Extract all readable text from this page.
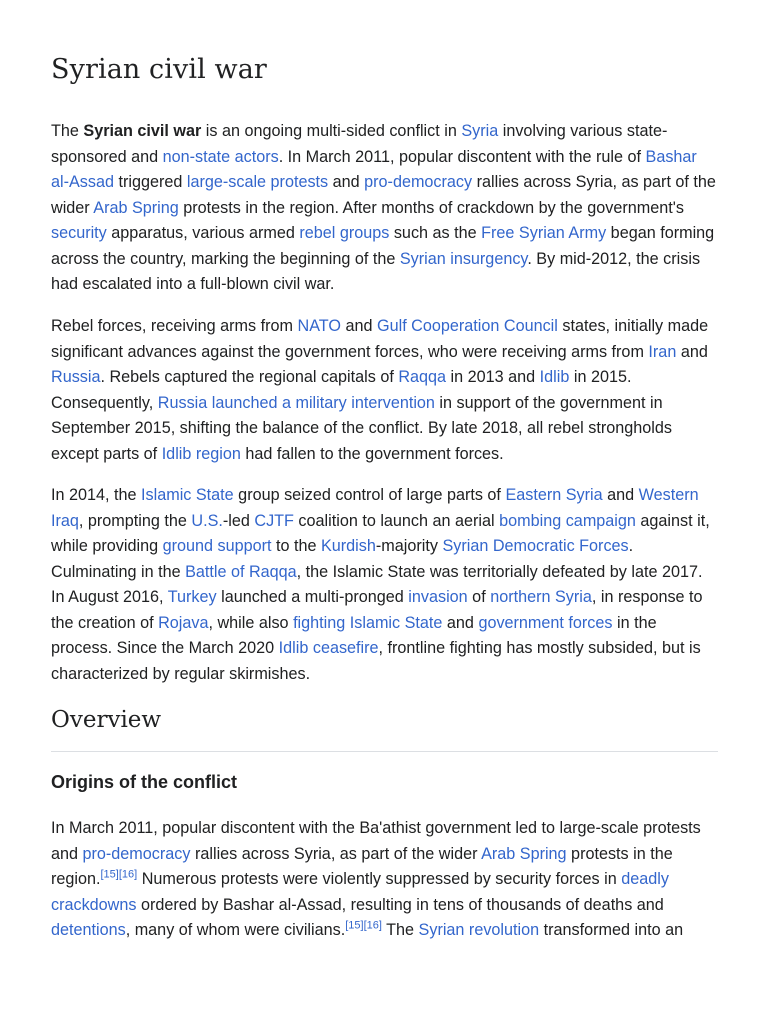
Syrian civil war

The Syrian civil war is an ongoing multi-sided conflict in Syria involving various state-sponsored and non-state actors. In March 2011, popular discontent with the rule of Bashar al-Assad triggered large-scale protests and pro-democracy rallies across Syria, as part of the wider Arab Spring protests in the region. After months of crackdown by the government's security apparatus, various armed rebel groups such as the Free Syrian Army began forming across the country, marking the beginning of the Syrian insurgency. By mid-2012, the crisis had escalated into a full-blown civil war.

Rebel forces, receiving arms from NATO and Gulf Cooperation Council states, initially made significant advances against the government forces, who were receiving arms from Iran and Russia. Rebels captured the regional capitals of Raqqa in 2013 and Idlib in 2015. Consequently, Russia launched a military intervention in support of the government in September 2015, shifting the balance of the conflict. By late 2018, all rebel strongholds except parts of Idlib region had fallen to the government forces.

In 2014, the Islamic State group seized control of large parts of Eastern Syria and Western Iraq, prompting the U.S.-led CJTF coalition to launch an aerial bombing campaign against it, while providing ground support to the Kurdish-majority Syrian Democratic Forces. Culminating in the Battle of Raqqa, the Islamic State was territorially defeated by late 2017. In August 2016, Turkey launched a multi-pronged invasion of northern Syria, in response to the creation of Rojava, while also fighting Islamic State and government forces in the process. Since the March 2020 Idlib ceasefire, frontline fighting has mostly subsided, but is characterized by regular skirmishes.

Overview
Origins of the conflict

In March 2011, popular discontent with the Ba'athist government led to large-scale protests and pro-democracy rallies across Syria, as part of the wider Arab Spring protests in the region.[15][16] Numerous protests were violently suppressed by security forces in deadly crackdowns ordered by Bashar al-Assad, resulting in tens of thousands of deaths and detentions, many of whom were civilians.[15][16] The Syrian revolution transformed into an
